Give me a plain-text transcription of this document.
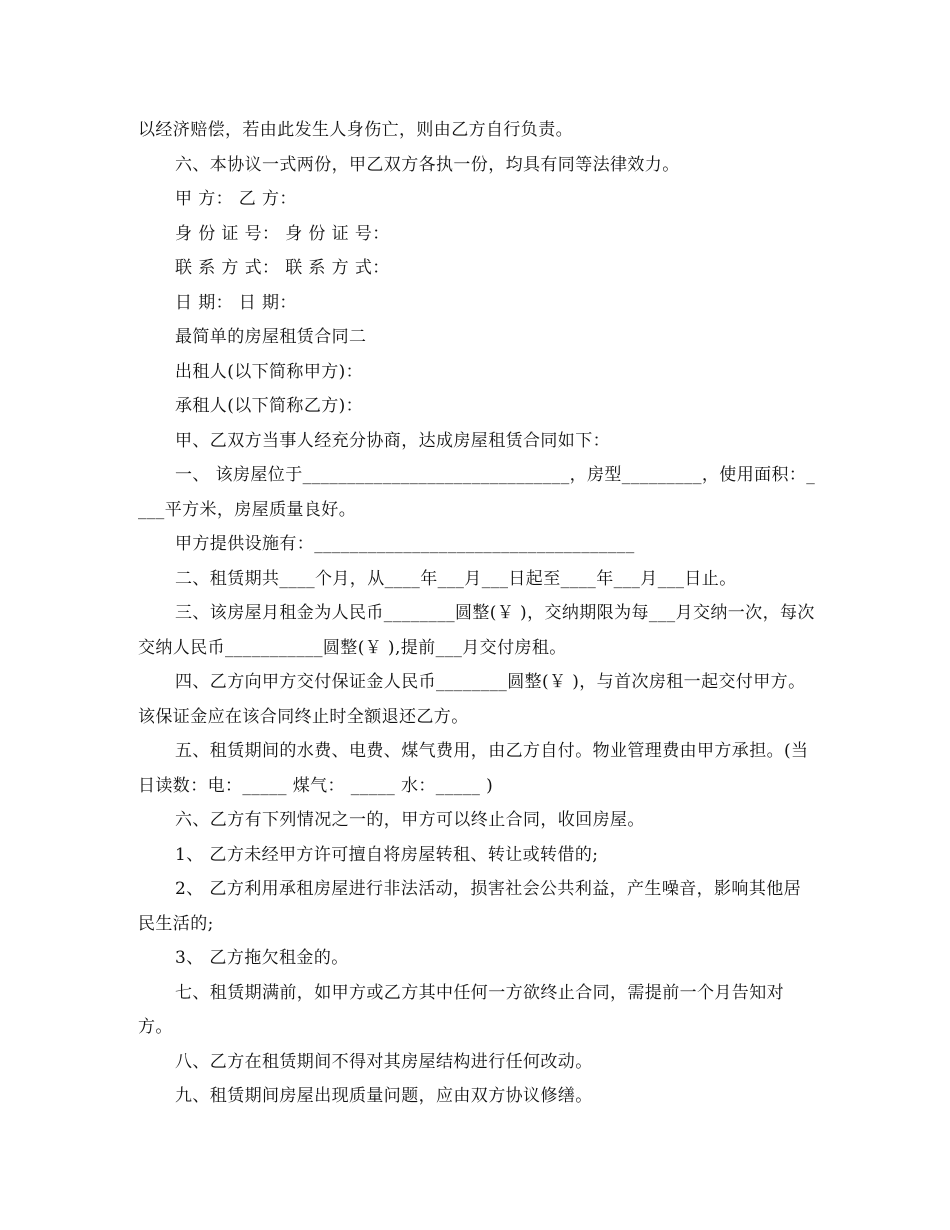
以经济赔偿，若由此发生人身伤亡，则由乙方自行负责。

六、本协议一式两份，甲乙双方各执一份，均具有同等法律效力。

甲 方： 乙 方：

身 份 证 号： 身 份 证 号：

联 系 方 式： 联 系 方 式：

日 期： 日 期：

最简单的房屋租赁合同二

出租人(以下简称甲方)：

承租人(以下简称乙方)：

甲、乙双方当事人经充分协商，达成房屋租赁合同如下：

一、 该房屋位于______________________________，房型_________，使用面积：____平方米，房屋质量良好。

甲方提供设施有：____________________________________

二、租赁期共____个月，从____年___月___日起至____年___月___日止。

三、该房屋月租金为人民币________圆整(￥ )，交纳期限为每___月交纳一次，每次交纳人民币___________圆整(￥ ),提前___月交付房租。

四、乙方向甲方交付保证金人民币________圆整(￥ )，与首次房租一起交付甲方。该保证金应在该合同终止时全额退还乙方。

五、租赁期间的水费、电费、煤气费用，由乙方自付。物业管理费由甲方承担。(当日读数：电：_____ 煤气： _____ 水：_____ )

六、乙方有下列情况之一的，甲方可以终止合同，收回房屋。

1、 乙方未经甲方许可擅自将房屋转租、转让或转借的;

2、 乙方利用承租房屋进行非法活动，损害社会公共利益，产生噪音，影响其他居民生活的;

3、 乙方拖欠租金的。

七、租赁期满前，如甲方或乙方其中任何一方欲终止合同，需提前一个月告知对方。

八、乙方在租赁期间不得对其房屋结构进行任何改动。

九、租赁期间房屋出现质量问题，应由双方协议修缮。
